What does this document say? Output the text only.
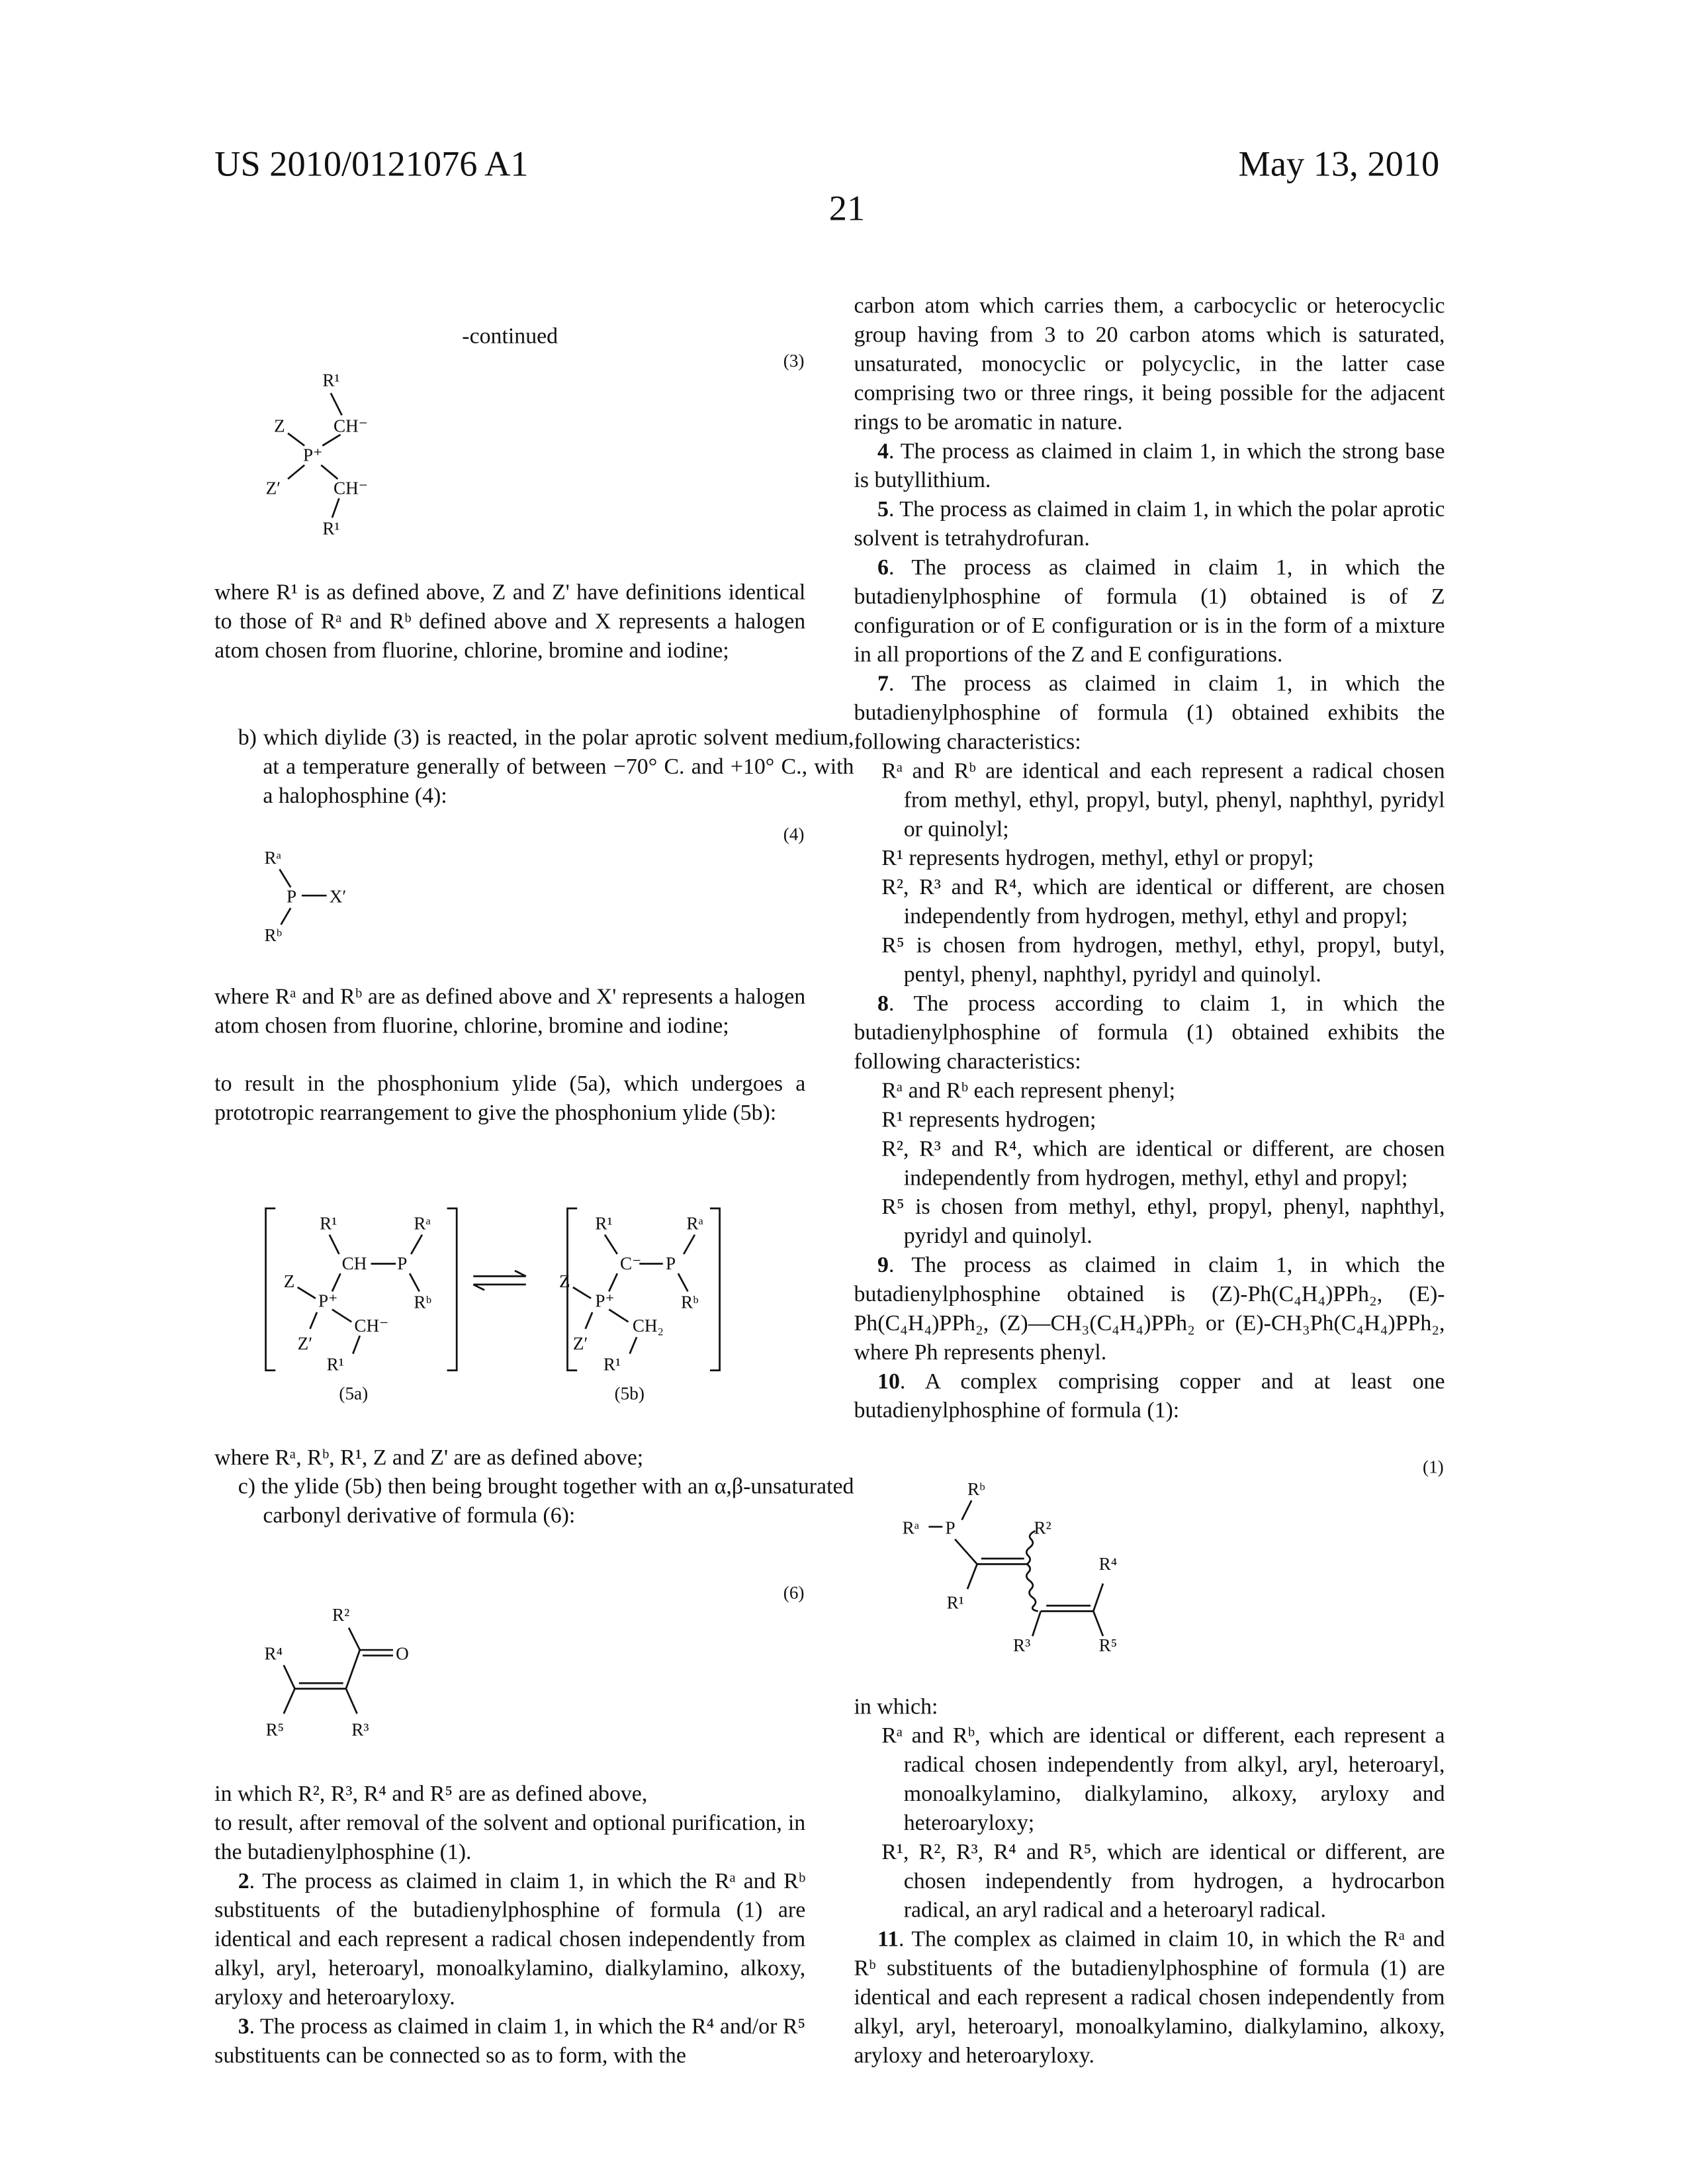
US 2010/0121076 A1	May 13, 2010
21
-continued

where R¹ is as defined above, Z and Z' have definitions identical to those of Rᵃ and Rᵇ defined above and X represents a halogen atom chosen from fluorine, chlorine, bromine and iodine;

b) which diylide (3) is reacted, in the polar aprotic solvent medium, at a temperature generally of between −70° C. and +10° C., with a halophosphine (4):

where Rᵃ and Rᵇ are as defined above and X' represents a halogen atom chosen from fluorine, chlorine, bromine and iodine;

to result in the phosphonium ylide (5a), which undergoes a prototropic rearrangement to give the phosphonium ylide (5b):

where Rᵃ, Rᵇ, R¹, Z and Z' are as defined above;

c) the ylide (5b) then being brought together with an α,β-unsaturated carbonyl derivative of formula (6):

in which R², R³, R⁴ and R⁵ are as defined above,

to result, after removal of the solvent and optional purification, in the butadienylphosphine (1).

2. The process as claimed in claim 1, in which the Rᵃ and Rᵇ substituents of the butadienylphosphine of formula (1) are identical and each represent a radical chosen independently from alkyl, aryl, heteroaryl, monoalkylamino, dialkylamino, alkoxy, aryloxy and heteroaryloxy.

3. The process as claimed in claim 1, in which the R⁴ and/or R⁵ substituents can be connected so as to form, with the

carbon atom which carries them, a carbocyclic or heterocyclic group having from 3 to 20 carbon atoms which is saturated, unsaturated, monocyclic or polycyclic, in the latter case comprising two or three rings, it being possible for the adjacent rings to be aromatic in nature.

4. The process as claimed in claim 1, in which the strong base is butyllithium.

5. The process as claimed in claim 1, in which the polar aprotic solvent is tetrahydrofuran.

6. The process as claimed in claim 1, in which the butadienylphosphine of formula (1) obtained is of Z configuration or of E configuration or is in the form of a mixture in all proportions of the Z and E configurations.

7. The process as claimed in claim 1, in which the butadienylphosphine of formula (1) obtained exhibits the following characteristics:

Rᵃ and Rᵇ are identical and each represent a radical chosen from methyl, ethyl, propyl, butyl, phenyl, naphthyl, pyridyl or quinolyl;

R¹ represents hydrogen, methyl, ethyl or propyl;

R², R³ and R⁴, which are identical or different, are chosen independently from hydrogen, methyl, ethyl and propyl;

R⁵ is chosen from hydrogen, methyl, ethyl, propyl, butyl, pentyl, phenyl, naphthyl, pyridyl and quinolyl.

8. The process according to claim 1, in which the butadienylphosphine of formula (1) obtained exhibits the following characteristics:

Rᵃ and Rᵇ each represent phenyl;

R¹ represents hydrogen;

R², R³ and R⁴, which are identical or different, are chosen independently from hydrogen, methyl, ethyl and propyl;

R⁵ is chosen from methyl, ethyl, propyl, phenyl, naphthyl, pyridyl and quinolyl.

9. The process as claimed in claim 1, in which the butadienylphosphine obtained is (Z)-Ph(C₄H₄)PPh₂, (E)-Ph(C₄H₄)PPh₂, (Z)—CH₃(C₄H₄)PPh₂ or (E)-CH₃Ph(C₄H₄)PPh₂, where Ph represents phenyl.

10. A complex comprising copper and at least one butadienylphosphine of formula (1):

in which:

Rᵃ and Rᵇ, which are identical or different, each represent a radical chosen independently from alkyl, aryl, heteroaryl, monoalkylamino, dialkylamino, alkoxy, aryloxy and heteroaryloxy;

R¹, R², R³, R⁴ and R⁵, which are identical or different, are chosen independently from hydrogen, a hydrocarbon radical, an aryl radical and a heteroaryl radical.

11. The complex as claimed in claim 10, in which the Rᵃ and Rᵇ substituents of the butadienylphosphine of formula (1) are identical and each represent a radical chosen independently from alkyl, aryl, heteroaryl, monoalkylamino, dialkylamino, alkoxy, aryloxy and heteroaryloxy.

(3)
R¹
CH⁻
Z
P⁺
Z′	CH⁻
R¹
(4)
Rᵃ
P	X′
Rᵇ
R¹	Rᵃ
CH	P
Rᵇ
Z
P⁺
Z′
CH⁻
R¹
(5a)
R¹	Rᵃ
C⁻	P
Rᵇ
Z
P⁺
Z′
CH₂
R¹
(5b)
(6)
R²
O
R⁴
R⁵	R³
(1)
Rᵇ
Rᵃ	P	R²
R¹
R⁴
R³	R⁵
